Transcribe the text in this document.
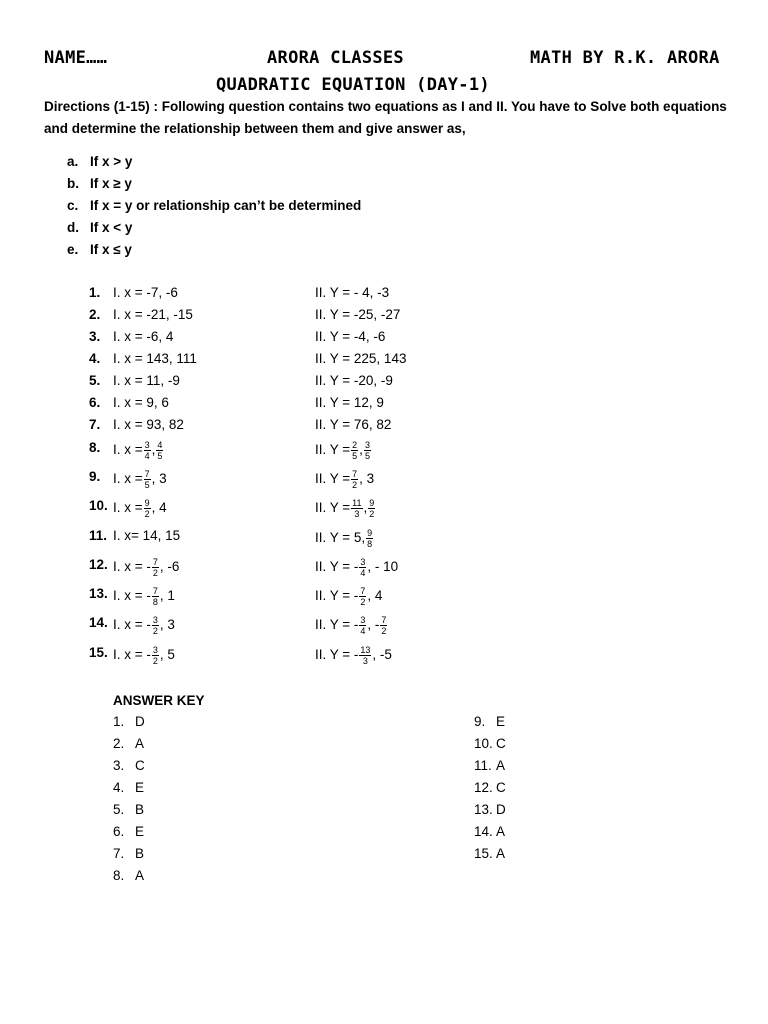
NAME……	ARORA CLASSES	MATH BY R.K. ARORA
QUADRATIC EQUATION (DAY-1)
Directions (1-15) : Following question contains two equations as I and II. You have to Solve both equations and determine the relationship between them and give answer as,
a. If x > y
b. If x ≥ y
c. If x = y or relationship can’t be determined
d. If x < y
e. If x ≤ y
1. I. x = -7, -6	II. Y = - 4, -3
2. I. x = -21, -15	II. Y = -25, -27
3. I. x = -6, 4	II. Y = -4, -6
4. I. x = 143, 111	II. Y = 225, 143
5. I. x = 11, -9	II. Y = -20, -9
6. I. x = 9, 6	II. Y = 12, 9
7. I. x = 93, 82	II. Y = 76, 82
8. I. $x = \frac{3}{4}$ , $\frac{4}{5}$	II. $Y = \frac{2}{5}$ , $\frac{3}{5}$
9. I. $x = \frac{7}{5}$ , 3	II. $Y = \frac{7}{2}$ , 3
10. I. $x = \frac{9}{2}$ , 4	II. $Y = \frac{11}{3}$ , $\frac{9}{2}$
11. I. x= 14, 15	II. Y = 5, $\frac{9}{8}$
12. I. x = - $\frac{7}{2}$ , -6	II. Y = - $\frac{3}{4}$ , - 10
13. I. x = - $\frac{7}{8}$ , 1	II. Y = - $\frac{7}{2}$ , 4
14. I. x = - $\frac{3}{2}$ , 3	II. Y = - $\frac{3}{4}$ , - $\frac{7}{2}$
15. I. x = - $\frac{3}{2}$ , 5	II. Y = - $\frac{13}{3}$ , -5
ANSWER KEY
1. D
2. A
3. C
4. E
5. B
6. E
7. B
8. A
9. E
10. C
11. A
12. C
13. D
14. A
15. A
